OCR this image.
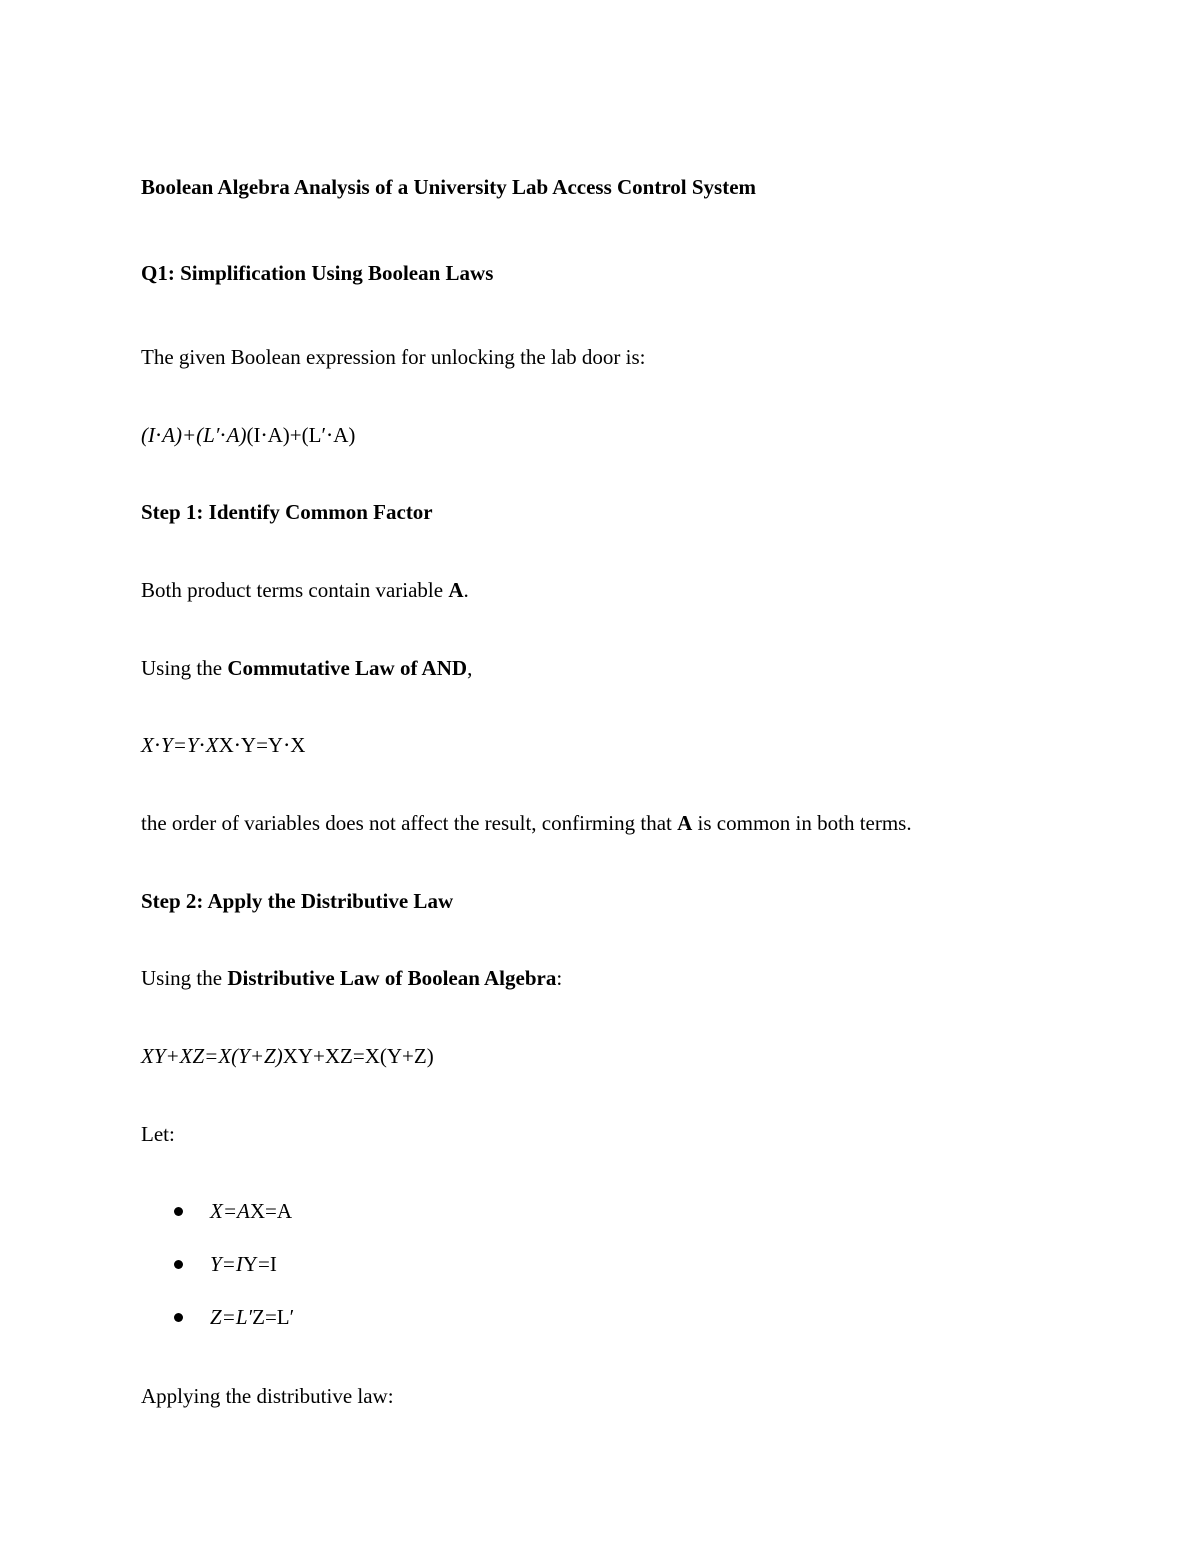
Boolean Algebra Analysis of a University Lab Access Control System
Q1: Simplification Using Boolean Laws
The given Boolean expression for unlocking the lab door is:
(I⋅A)+(L′⋅A)(I⋅A)+(L′⋅A)
Step 1: Identify Common Factor
Both product terms contain variable A.
Using the Commutative Law of AND,
X⋅Y=Y⋅XX⋅Y=Y⋅X
the order of variables does not affect the result, confirming that A is common in both terms.
Step 2: Apply the Distributive Law
Using the Distributive Law of Boolean Algebra:
XY+XZ=X(Y+Z)XY+XZ=X(Y+Z)
Let:
X=AX=A
Y=IY=I
Z=L′Z=L′
Applying the distributive law:
